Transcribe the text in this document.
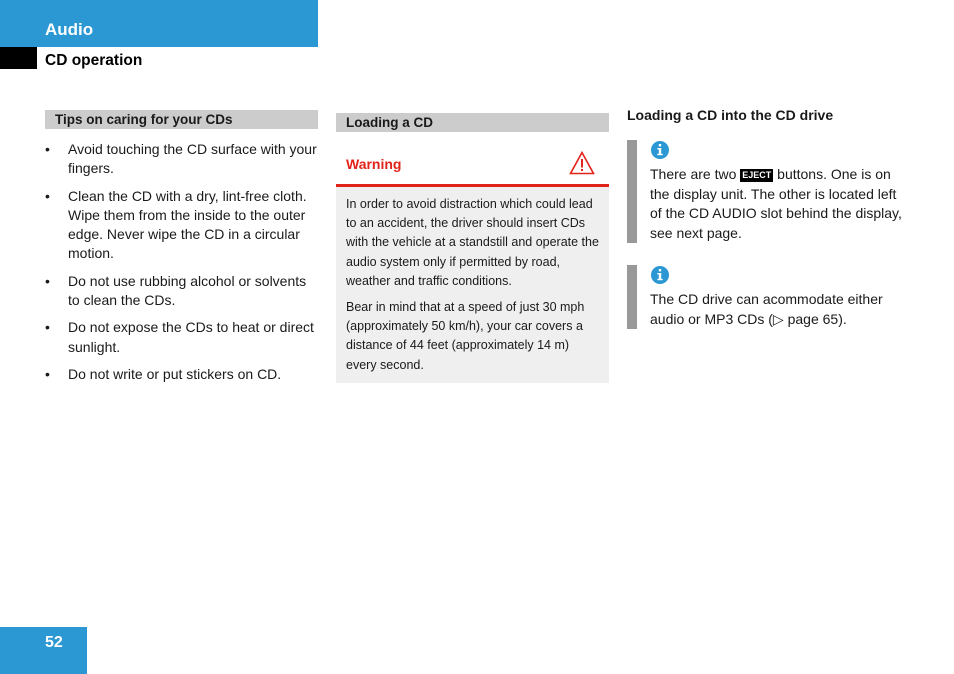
Audio
CD operation
Tips on caring for your CDs
• Avoid touching the CD surface with your fingers.
• Clean the CD with a dry, lint-free cloth. Wipe them from the inside to the outer edge. Never wipe the CD in a circular motion.
• Do not use rubbing alcohol or solvents to clean the CDs.
• Do not expose the CDs to heat or direct sunlight.
• Do not write or put stickers on CD.
Loading a CD
Warning

In order to avoid distraction which could lead to an accident, the driver should insert CDs with the vehicle at a standstill and operate the audio system only if permitted by road, weather and traffic conditions.

Bear in mind that at a speed of just 30 mph (approximately 50 km/h), your car covers a distance of 44 feet (approximately 14 m) every second.

Loading a CD into the CD drive
There are two EJECT buttons. One is on the display unit. The other is located left of the CD AUDIO slot behind the display, see next page.
The CD drive can acommodate either audio or MP3 CDs (▷ page 65).
52
